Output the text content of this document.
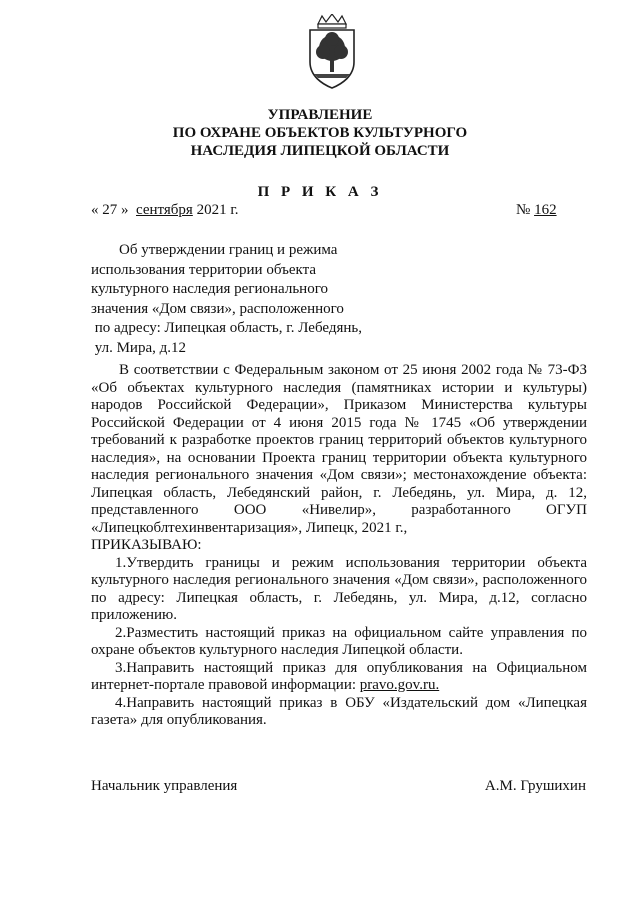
УПРАВЛЕНИЕ
ПО ОХРАНЕ ОБЪЕКТОВ КУЛЬТУРНОГО
НАСЛЕДИЯ ЛИПЕЦКОЙ ОБЛАСТИ
П Р И К А З
« 27 » сентября 2021 г.	№ 162
Об утверждении границ и режима
использования территории объекта
культурного наследия регионального
значения «Дом связи», расположенного
по адресу: Липецкая область, г. Лебедянь,
ул. Мира, д.12

В соответствии с Федеральным законом от 25 июня 2002 года № 73-ФЗ «Об объектах культурного наследия (памятниках истории и культуры) народов Российской Федерации», Приказом Министерства культуры Российской Федерации от 4 июня 2015 года № 1745 «Об утверждении требований к разработке проектов границ территорий объектов культурного наследия», на основании Проекта границ территории объекта культурного наследия регионального значения «Дом связи»; местонахождение объекта: Липецкая область, Лебедянский район, г. Лебедянь, ул. Мира, д. 12, представленного ООО «Нивелир», разработанного ОГУП «Липецкоблтехинвентаризация», Липецк, 2021 г.,

ПРИКАЗЫВАЮ:

1.Утвердить границы и режим использования территории объекта культурного наследия регионального значения «Дом связи», расположенного по адресу: Липецкая область, г. Лебедянь, ул. Мира, д.12, согласно приложению.

2.Разместить настоящий приказ на официальном сайте управления по охране объектов культурного наследия Липецкой области.

3.Направить настоящий приказ для опубликования на Официальном интернет-портале правовой информации: pravo.gov.ru.

4.Направить настоящий приказ в ОБУ «Издательский дом «Липецкая газета» для опубликования.

Начальник управления	А.М. Грушихин
